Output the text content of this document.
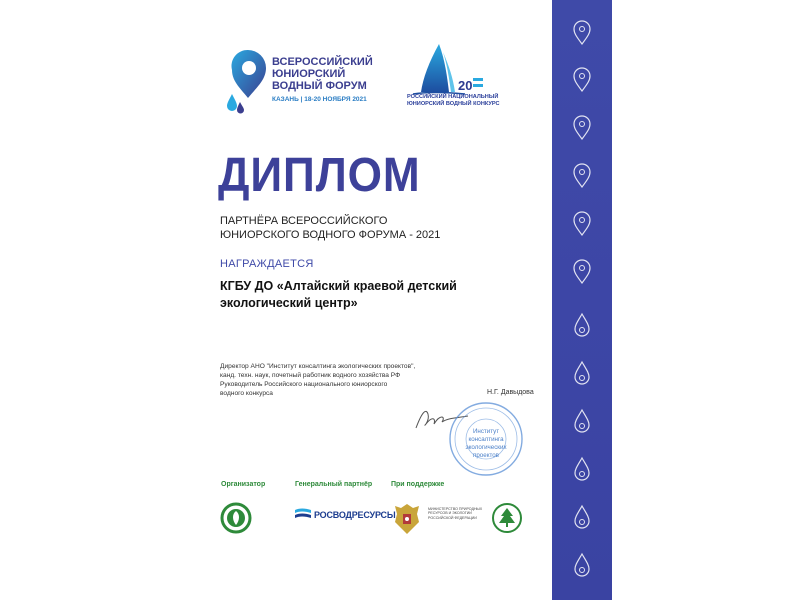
ВСЕРОССИЙСКИЙ
ЮНИОРСКИЙ
ВОДНЫЙ ФОРУМ
КАЗАНЬ | 18-20 НОЯБРЯ 2021
20
РОССИЙСКИЙ НАЦИОНАЛЬНЫЙ
ЮНИОРСКИЙ ВОДНЫЙ КОНКУРС
ДИПЛОМ
ПАРТНЁРА ВСЕРОССИЙСКОГО
ЮНИОРСКОГО ВОДНОГО ФОРУМА - 2021
НАГРАЖДАЕТСЯ
КГБУ ДО «Алтайский краевой детский экологический центр»
Директор АНО "Институт консалтинга экологических проектов",
канд. техн. наук, почетный работник водного хозяйства РФ
Руководитель Российского национального юниорского
водного конкурса	Н.Г. Давыдова
Институт
консалтинга
экологических
проектов
Организатор	Генеральный партнёр	При поддержке
РОСВОДРЕСУРСЫ
МИНИСТЕРСТВО ПРИРОДНЫХ
РЕСУРСОВ И ЭКОЛОГИИ
РОССИЙСКОЙ ФЕДЕРАЦИИ
